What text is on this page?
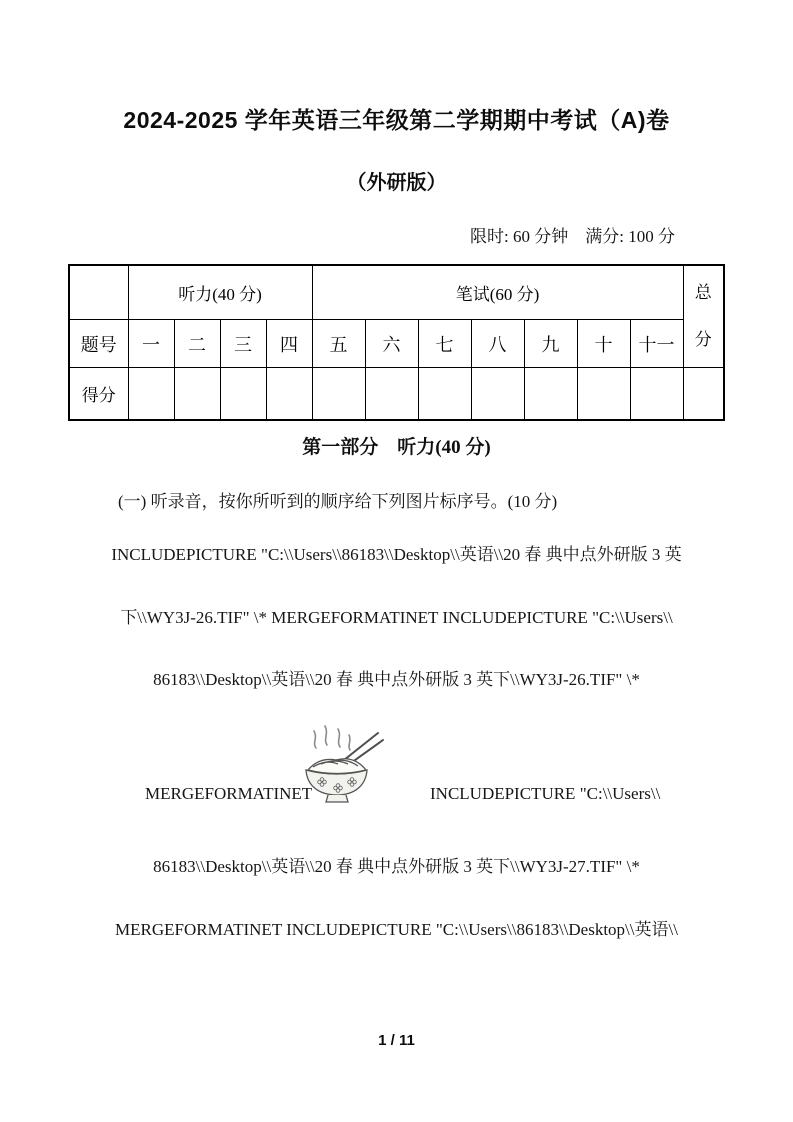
2024-2025 学年英语三年级第二学期期中考试（A)卷
（外研版）
限时: 60 分钟　满分: 100 分
	听力(40 分)				笔试(60 分)							总
分

题号	一	二	三	四	五	六	七	八	九	十	十一	
得分												
第一部分　听力(40 分)
(一) 听录音，按你所听到的顺序给下列图片标序号。(10 分)
INCLUDEPICTURE "C:\\Users\\86183\\Desktop\\英语\\20 春 典中点外研版 3 英
下\\WY3J-26.TIF" \* MERGEFORMATINET INCLUDEPICTURE "C:\\Users\\
86183\\Desktop\\英语\\20 春 典中点外研版 3 英下\\WY3J-26.TIF" \*
MERGEFORMATINET	INCLUDEPICTURE "C:\\Users\\
86183\\Desktop\\英语\\20 春 典中点外研版 3 英下\\WY3J-27.TIF" \*
MERGEFORMATINET INCLUDEPICTURE "C:\\Users\\86183\\Desktop\\英语\\
1 / 11
